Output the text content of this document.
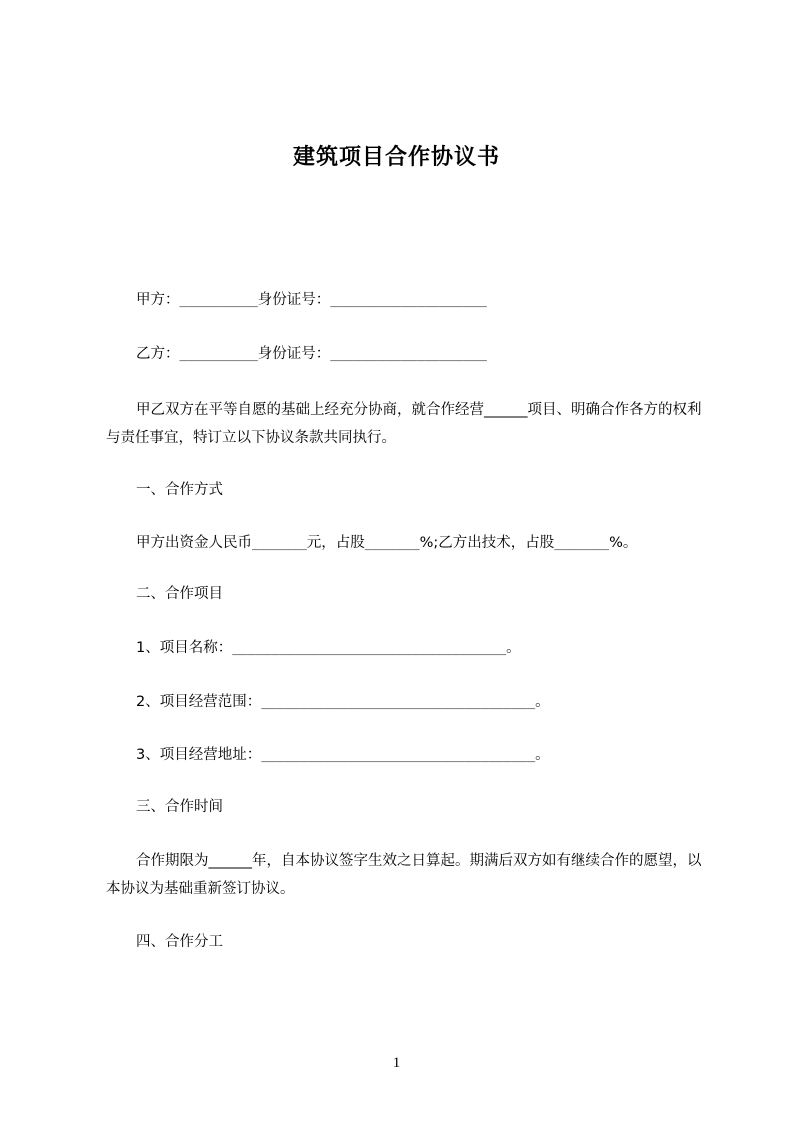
建筑项目合作协议书
甲方：__________身份证号：____________________
乙方：__________身份证号：____________________
甲乙双方在平等自愿的基础上经充分协商，就合作经营______项目、明确合作各方的权利与责任事宜，特订立以下协议条款共同执行。
一、合作方式
甲方出资金人民币_______元，占股_______%;乙方出技术，占股_______%。
二、合作项目
1、项目名称：___________________________________。
2、项目经营范围：___________________________________。
3、项目经营地址：___________________________________。
三、合作时间
合作期限为______年，自本协议签字生效之日算起。期满后双方如有继续合作的愿望，以本协议为基础重新签订协议。
四、合作分工
1
